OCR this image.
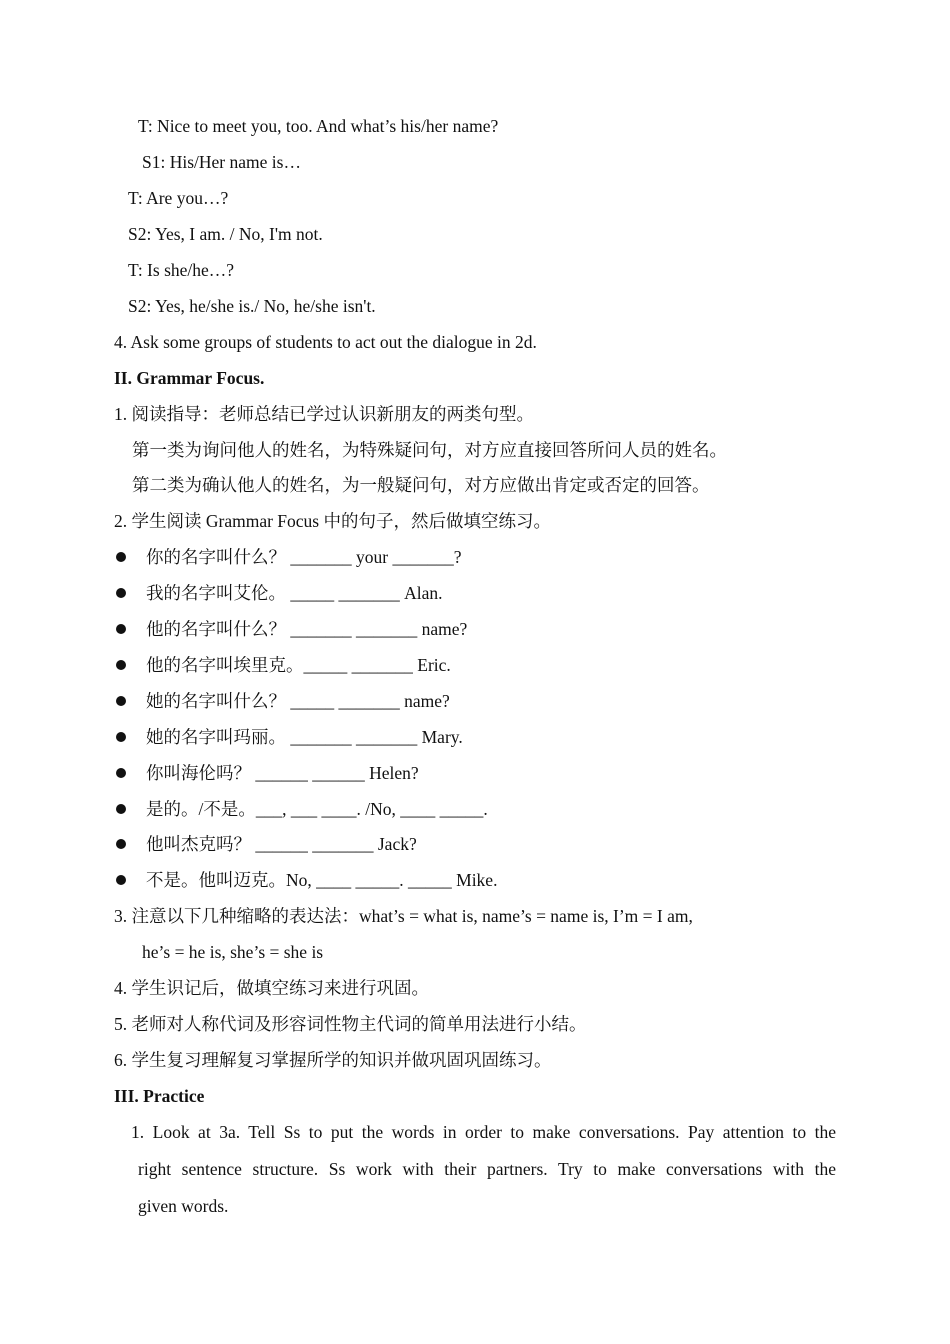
T: Nice to meet you, too. And what’s his/her name?
S1: His/Her name is…
T: Are you…?
S2: Yes, I am. / No, I'm not.
T: Is she/he…?
S2: Yes, he/she is./ No, he/she isn't.
4. Ask some groups of students to act out the dialogue in 2d.
II. Grammar Focus.
1. 阅读指导：老师总结已学过认识新朋友的两类句型。
第一类为询问他人的姓名，为特殊疑问句，对方应直接回答所问人员的姓名。
第二类为确认他人的姓名，为一般疑问句，对方应做出肯定或否定的回答。
2. 学生阅读 Grammar Focus 中的句子，然后做填空练习。
你的名字叫什么？ _______ your _______?
我的名字叫艾伦。 _____ _______ Alan.
他的名字叫什么？ _______ _______ name?
他的名字叫埃里克。_____ _______ Eric.
她的名字叫什么？ _____ _______ name?
她的名字叫玛丽。 _______ _______ Mary.
你叫海伦吗？ ______ ______ Helen?
是的。/不是。___, ___ ____. /No, ____ _____.
他叫杰克吗？ ______ _______ Jack?
不是。他叫迈克。No, ____ _____. _____ Mike.
3. 注意以下几种缩略的表达法：what’s = what is, name’s = name is, I’m = I am,
he’s = he is, she’s = she is
4. 学生识记后，做填空练习来进行巩固。
5. 老师对人称代词及形容词性物主代词的简单用法进行小结。
6. 学生复习理解复习掌握所学的知识并做巩固巩固练习。
III. Practice
1. Look at 3a. Tell Ss to put the words in order to make conversations. Pay attention to the
right sentence structure. Ss work with their partners. Try to make conversations with the
given words.
